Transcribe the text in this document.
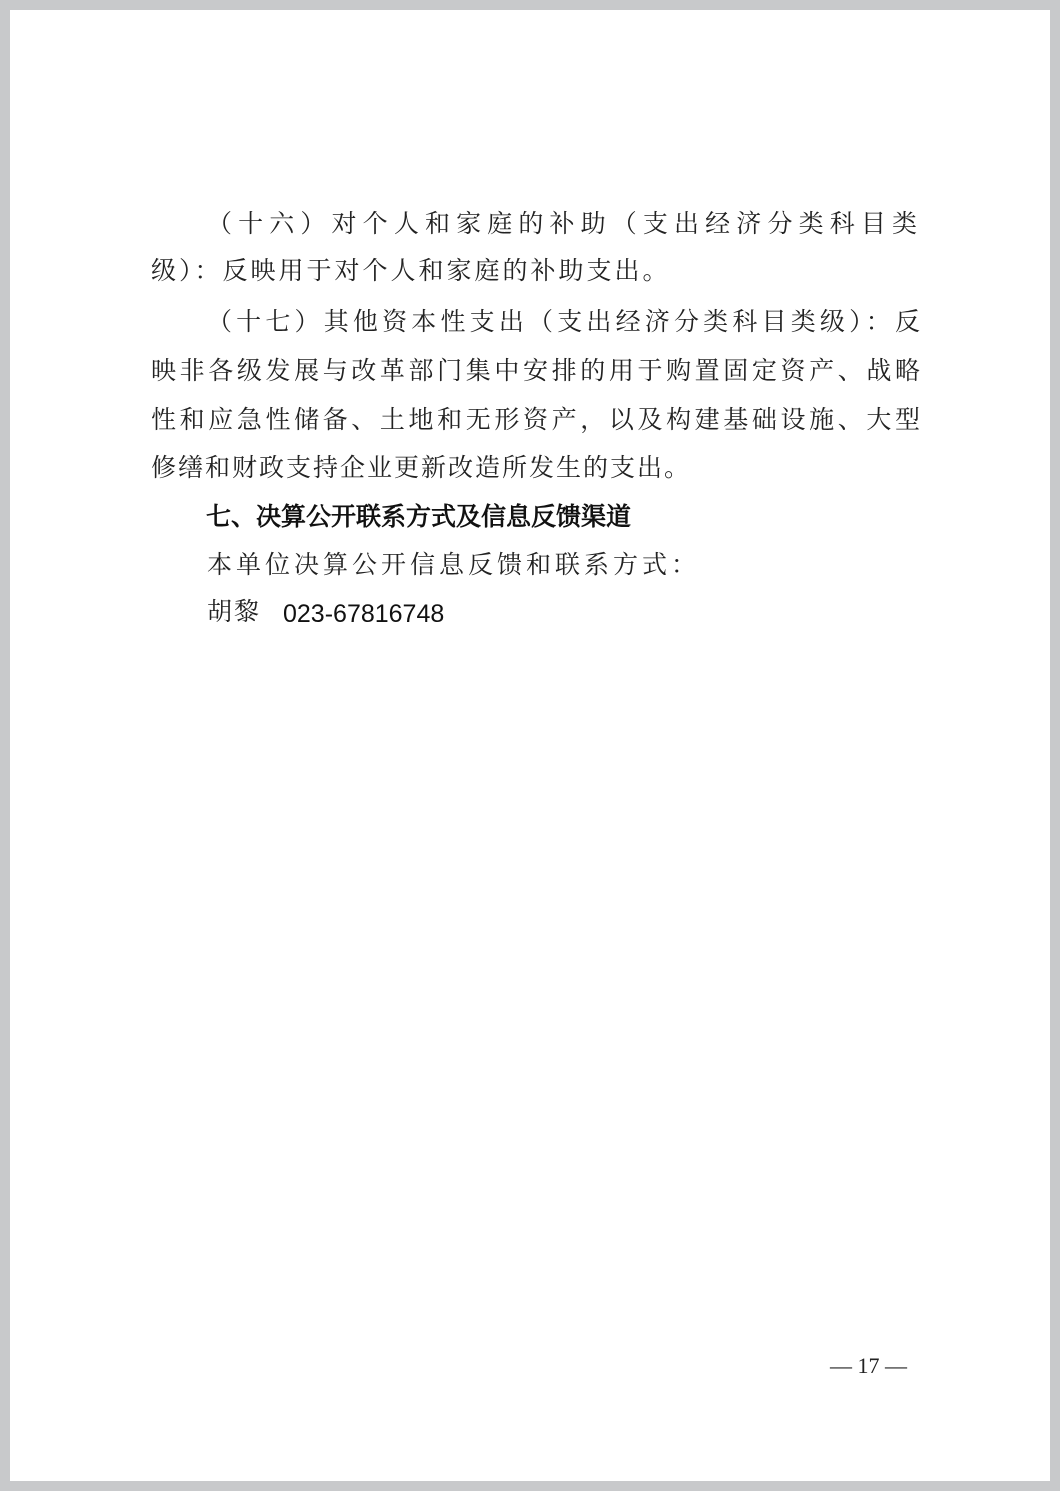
（十六）对个人和家庭的补助（支出经济分类科目类
级）：反映用于对个人和家庭的补助支出。
（十七）其他资本性支出（支出经济分类科目类级）：反
映非各级发展与改革部门集中安排的用于购置固定资产、战略
性和应急性储备、土地和无形资产，以及构建基础设施、大型
修缮和财政支持企业更新改造所发生的支出。
七、决算公开联系方式及信息反馈渠道
本单位决算公开信息反馈和联系方式：
胡黎 023-67816748
— 17 —
